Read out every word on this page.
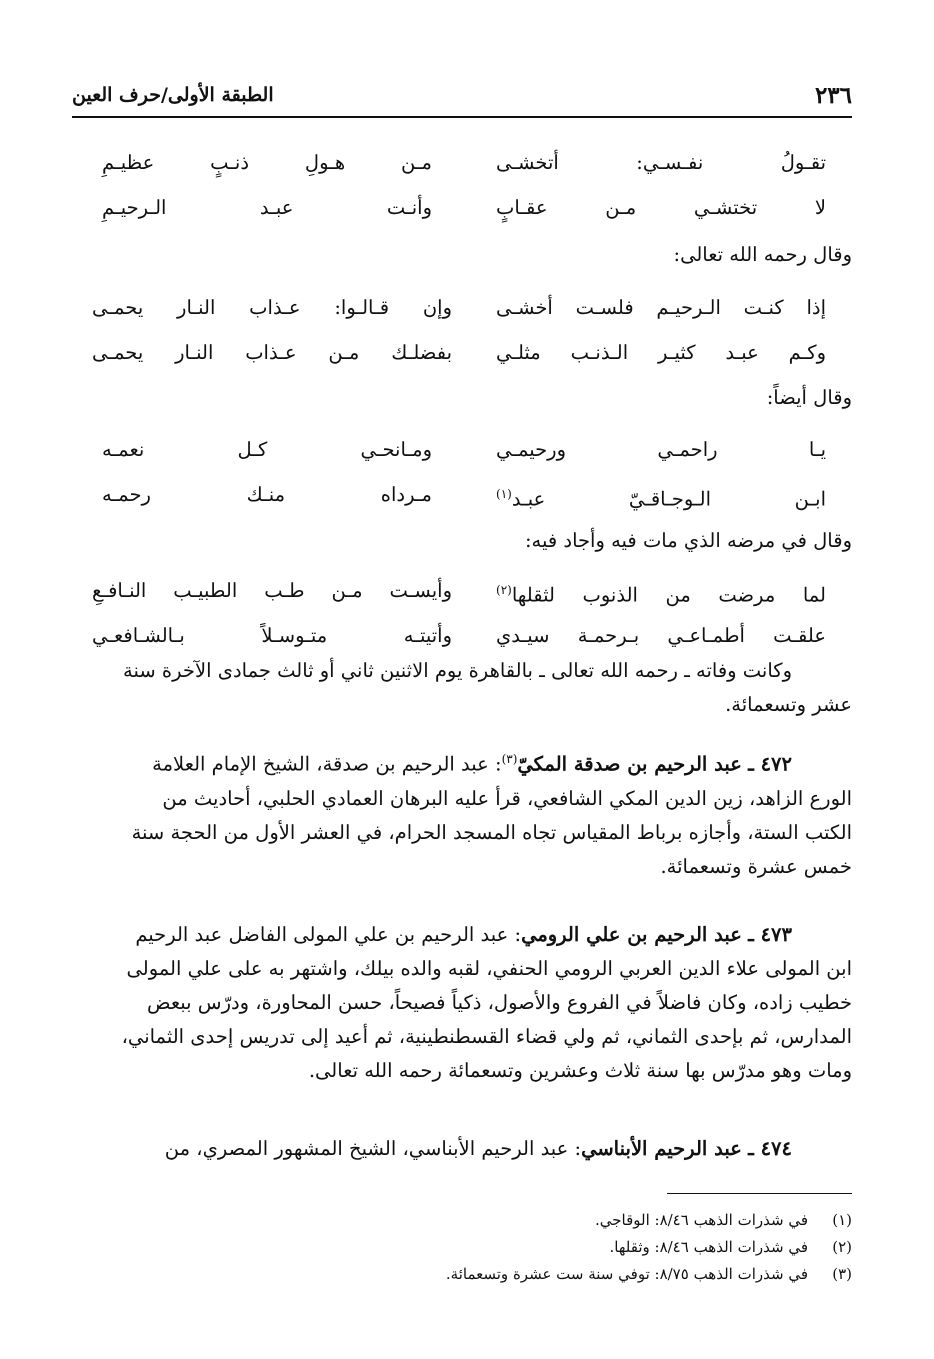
٢٣٦
الطبقة الأولى/حرف العين
تقـولُ نفـسـي: أتخشـى
مـن هـولِ ذنـبٍ عظيـمِ
لا تختشـي مـن عقـابٍ
وأنـت عبـد الـرحيـمِ
وقال رحمه الله تعالى:
إذا كنـت الـرحيـم فلسـت أخشـى
وإن قـالـوا: عـذاب النـار يحمـى
وكـم عبـد كثيـر الـذنـب مثلـي
بفضلـك مـن عـذاب النـار يحمـى
وقال أيضاً:
يـا راحمـي ورحيمـي
ومـانحـي كـل نعمـه
ابـن الـوجـاقـيّ عبـد$^{(١)}$
مـرداه منـك رحمـه
وقال في مرضه الذي مات فيه وأجاد فيه:
لما مرضت من الذنوب لثقلها$^{(٢)}$
وأيسـت مـن طـب الطبيـب النـافـعِ
علقـت أطمـاعـي بـرحمـة سيـدي
وأتيتـه متـوسـلاً بـالشـافعـي
وكانت وفاته ـ رحمه الله تعالى ـ بالقاهرة يوم الاثنين ثاني أو ثالث جمادى الآخرة سنة
عشر وتسعمائة.
٤٧٢ ـ عبد الرحيم بن صدقة المكيّ$^{(٣)}$: عبد الرحيم بن صدقة، الشيخ الإمام العلامة
الورع الزاهد، زين الدين المكي الشافعي، قرأ عليه البرهان العمادي الحلبي، أحاديث من
الكتب الستة، وأجازه برباط المقياس تجاه المسجد الحرام، في العشر الأول من الحجة سنة
خمس عشرة وتسعمائة.
٤٧٣ ـ عبد الرحيم بن علي الرومي: عبد الرحيم بن علي المولى الفاضل عبد الرحيم
ابن المولى علاء الدين العربي الرومي الحنفي، لقبه والده بيلك، واشتهر به على علي المولى
خطيب زاده، وكان فاضلاً في الفروع والأصول، ذكياً فصيحاً، حسن المحاورة، ودرّس ببعض
المدارس، ثم بإحدى الثماني، ثم ولي قضاء القسطنطينية، ثم أعيد إلى تدريس إحدى الثماني،
ومات وهو مدرّس بها سنة ثلاث وعشرين وتسعمائة رحمه الله تعالى.
٤٧٤ ـ عبد الرحيم الأبناسي: عبد الرحيم الأبناسي، الشيخ المشهور المصري، من
(١)في شذرات الذهب ٨/٤٦: الوقاجي.
(٢)في شذرات الذهب ٨/٤٦: وثقلها.
(٣)في شذرات الذهب ٨/٧٥: توفي سنة ست عشرة وتسعمائة.
